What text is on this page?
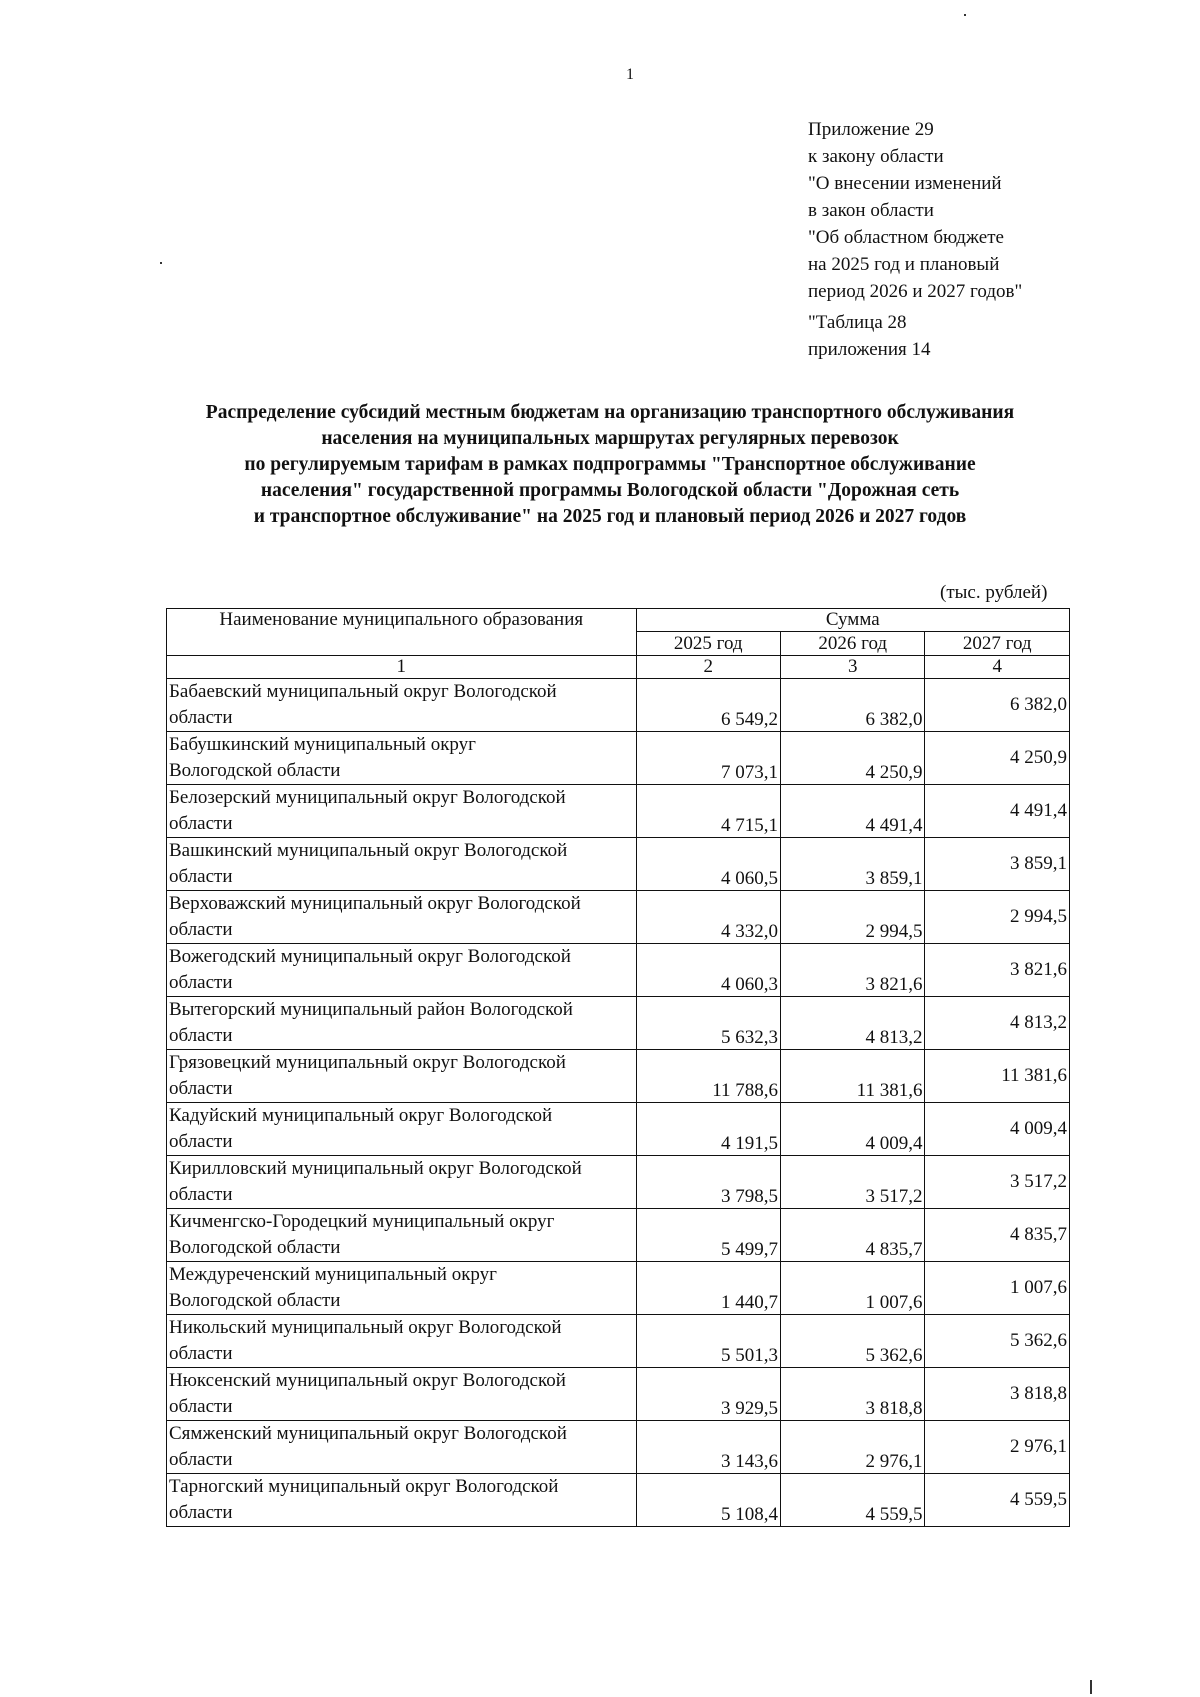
1
Приложение 29
к закону области
"О внесении изменений
в закон области
"Об областном бюджете
на 2025 год и плановый
период 2026 и 2027 годов"
"Таблица 28
приложения 14
Распределение субсидий местным бюджетам на организацию транспортного обслуживания
населения на муниципальных маршрутах регулярных перевозок
по регулируемым тарифам в рамках подпрограммы "Транспортное обслуживание
населения" государственной программы Вологодской области "Дорожная сеть
и транспортное обслуживание" на 2025 год и плановый период 2026 и 2027 годов
(тыс. рублей)
Наименование муниципального образования	Сумма		
	2025 год	2026 год	2027 год
1	2	3	4

Бабаевский муниципальный округ Вологодской
области	6 549,2	6 382,0	6 382,0

Бабушкинский муниципальный округ
Вологодской области	7 073,1	4 250,9	4 250,9

Белозерский муниципальный округ Вологодской
области	4 715,1	4 491,4	4 491,4

Вашкинский муниципальный округ Вологодской
области	4 060,5	3 859,1	3 859,1

Верховажский муниципальный округ Вологодской
области	4 332,0	2 994,5	2 994,5

Вожегодский муниципальный округ Вологодской
области	4 060,3	3 821,6	3 821,6

Вытегорский муниципальный район Вологодской
области	5 632,3	4 813,2	4 813,2

Грязовецкий муниципальный округ Вологодской
области	11 788,6	11 381,6	11 381,6

Кадуйский муниципальный округ Вологодской
области	4 191,5	4 009,4	4 009,4

Кирилловский муниципальный округ Вологодской
области	3 798,5	3 517,2	3 517,2

Кичменгско-Городецкий муниципальный округ
Вологодской области	5 499,7	4 835,7	4 835,7

Междуреченский муниципальный округ
Вологодской области	1 440,7	1 007,6	1 007,6

Никольский муниципальный округ Вологодской
области	5 501,3	5 362,6	5 362,6

Нюксенский муниципальный округ Вологодской
области	3 929,5	3 818,8	3 818,8

Сямженский муниципальный округ Вологодской
области	3 143,6	2 976,1	2 976,1

Тарногский муниципальный округ Вологодской
области	5 108,4	4 559,5	4 559,5
